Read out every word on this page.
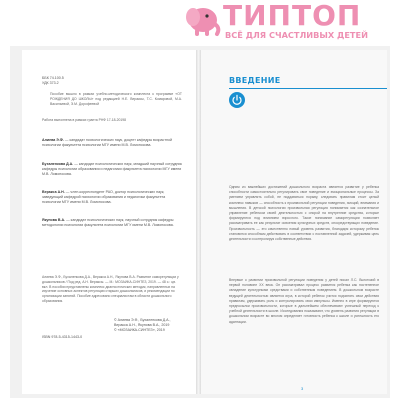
ТИПТОП
ВСЁ ДЛЯ СЧАСТЛИВЫХ ДЕТЕЙ
ББК 74.100.5
УДК 373.2
Пособие вышло в рамках учебно-методического комплекта к программе «ОТ РОЖДЕНИЯ ДО ШКОЛЫ» под редакцией Н.Е. Вераксы, Т.С. Комаровой, М.А. Васильевой, Э.М. Дорофеевой
Работа выполнена в рамках гранта РНФ 17-18-20198
Алиева Э.Ф. — кандидат психологических наук, доцент кафедры возрастной психологии факультета психологии МГУ имени М.В. Ломоносова.
Бухаленкова Д.А. — кандидат психологических наук, младший научный сотрудник кафедры психологии образования и педагогики факультета психологии МГУ имени М.В. Ломоносова.
Веракса А.Н. — член-корреспондент РАО, доктор психологических наук, заведующий кафедрой психологии образования и педагогики факультета психологии МГУ имени М.В. Ломоносова.
Якупова В.А. — кандидат психологических наук, научный сотрудник кафедры методологии психологии факультета психологии МГУ имени М.В. Ломоносова.
Алиева Э.Ф., Бухаленкова Д.А., Веракса А.Н., Якупова В.А. Развитие саморегуляции у дошкольников / Под ред. А.Н. Вераксы. — М.: МОЗАИКА-СИНТЕЗ, 2019. — 48 с.: цв. вкл. В пособии представлены комплекс диагностических методик, направленных на изучение основных аспектов регуляции старших дошкольников, и рекомендации по организации занятий. Пособие адресовано специалистам в области дошкольного образования.
© Алиева Э.Ф., Бухаленкова Д.А., Веракса А.Н., Якупова В.А., 2019
© «МОЗАИКА-СИНТЕЗ», 2019
ISBN 978-5-4315-1443-0
ВВЕДЕНИЕ
Одним из важнейших достижений дошкольного возраста является развитие у ребенка способности самостоятельно регулировать свое поведение и эмоциональные процессы. За умением управлять собой, не поддаваться порыву, следовать правилам стоит целый комплекс навыков — способность к произвольной регуляции поведения, эмоций, внимания и мышления. В детской психологии произвольная регуляция понимается как сознательное управление ребенком своей деятельностью с опорой на внутренние средства, которые формируются под влиянием взрослого. Такое понимание саморегуляции позволяет рассматривать ее как результат освоения культурных средств, опосредствующих поведение. Произвольность — это качественно новый уровень развития, благодаря которому ребенок становится способным действовать в соответствии с поставленной задачей, удерживая цель деятельности и контролируя собственные действия.
Впервые о развитии произвольной регуляции поведения у детей писал Л.С. Выготский в первой половине XX века. Он рассматривал процесс развития ребенка как постепенное овладение культурными средствами и собственным поведением. В дошкольном возрасте ведущей деятельностью является игра, в которой ребенок учится подчинять свои действия правилам, удерживать роль и контролировать свои импульсы. Именно в игре формируются предпосылки произвольности, которые в дальнейшем обеспечивают успешный переход к учебной деятельности в школе. Исследования показывают, что уровень развития регуляции в дошкольном возрасте во многом определяет готовность ребенка к школе и успешность его адаптации.
3
